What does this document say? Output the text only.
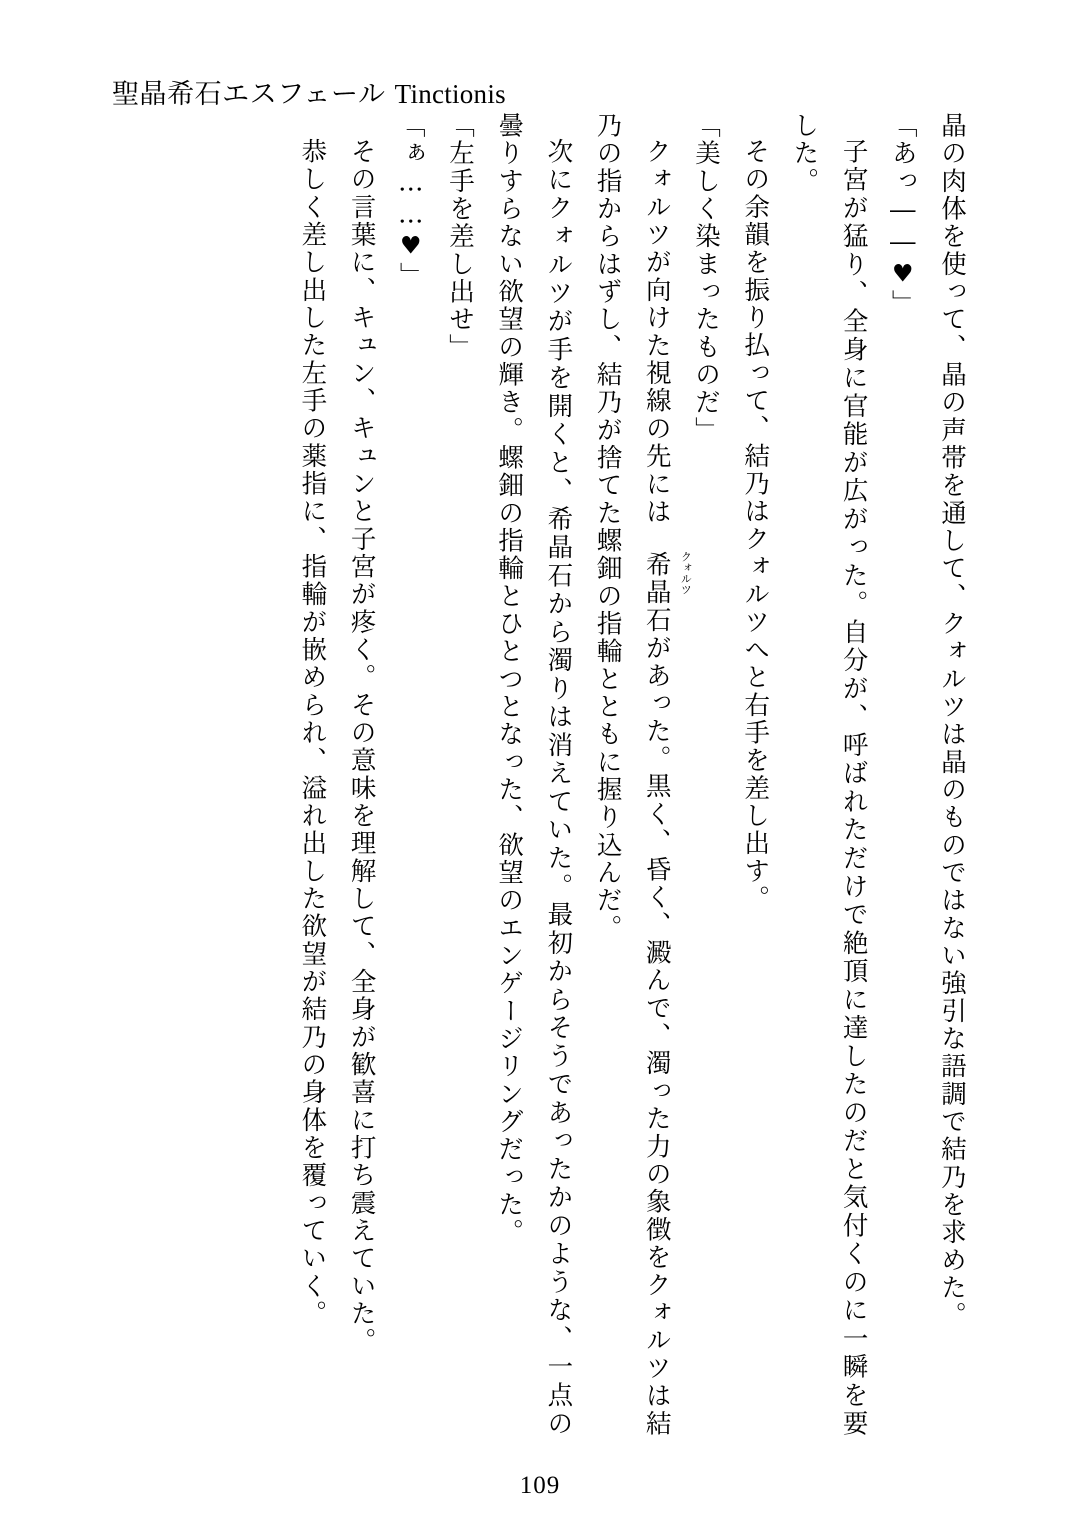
聖晶希石エスフェール Tinctionis

晶の肉体を使って、晶の声帯を通して、クォルツは晶のものではない強引な語調で結乃を求めた。

「あっ――♥」

子宮が猛り、全身に官能が広がった。自分が、呼ばれただけで絶頂に達したのだと気付くのに一瞬を要した。

その余韻を振り払って、結乃はクォルツへと右手を差し出す。

「美しく染まったものだ」

クォルツが向けた視線の先には希晶石 クォルツ
があった。黒く、昏く、澱んで、濁った力の象徴をクォルツは結乃の指からはずし、結乃が捨てた螺鈿の指輪とともに握り込んだ。

次にクォルツが手を開くと、希晶石から濁りは消えていた。最初からそうであったかのような、一点の曇りすらない欲望の輝き。螺鈿の指輪とひとつとなった、欲望のエンゲージリングだった。

「左手を差し出せ」

「ぁ……♥」

その言葉に、キュン、キュンと子宮が疼く。その意味を理解して、全身が歓喜に打ち震えていた。

恭しく差し出した左手の薬指に、指輪が嵌められ、溢れ出した欲望が結乃の身体を覆っていく。

109
